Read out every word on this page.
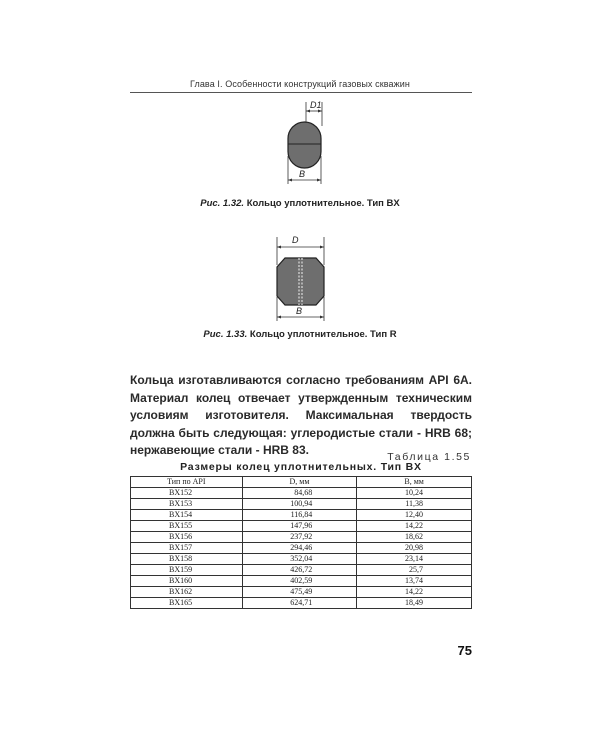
Глава I. Особенности конструкций газовых скважин
D1
B
Рис. 1.32. Кольцо уплотнительное. Тип BX
D
B
Рис. 1.33. Кольцо уплотнительное. Тип R

Кольца изготавливаются согласно требованиям API 6A. Материал колец отвечает утвержденным техническим условиям изготовителя. Максимальная твердость должна быть следующая: углеродистые стали - HRB 68; нержавеющие стали - HRB 83.	Таблица 1.55
Размеры колец уплотнительных. Тип BX
Тип по API	D, мм	B, мм
BX152	84,68	10,24
BX153	100,94	11,38
BX154	116,84	12,40
BX155	147,96	14,22
BX156	237,92	18,62
BX157	294,46	20,98
BX158	352,04	23,14
BX159	426,72	25,7
BX160	402,59	13,74
BX162	475,49	14,22
BX165	624,71	18,49
75
